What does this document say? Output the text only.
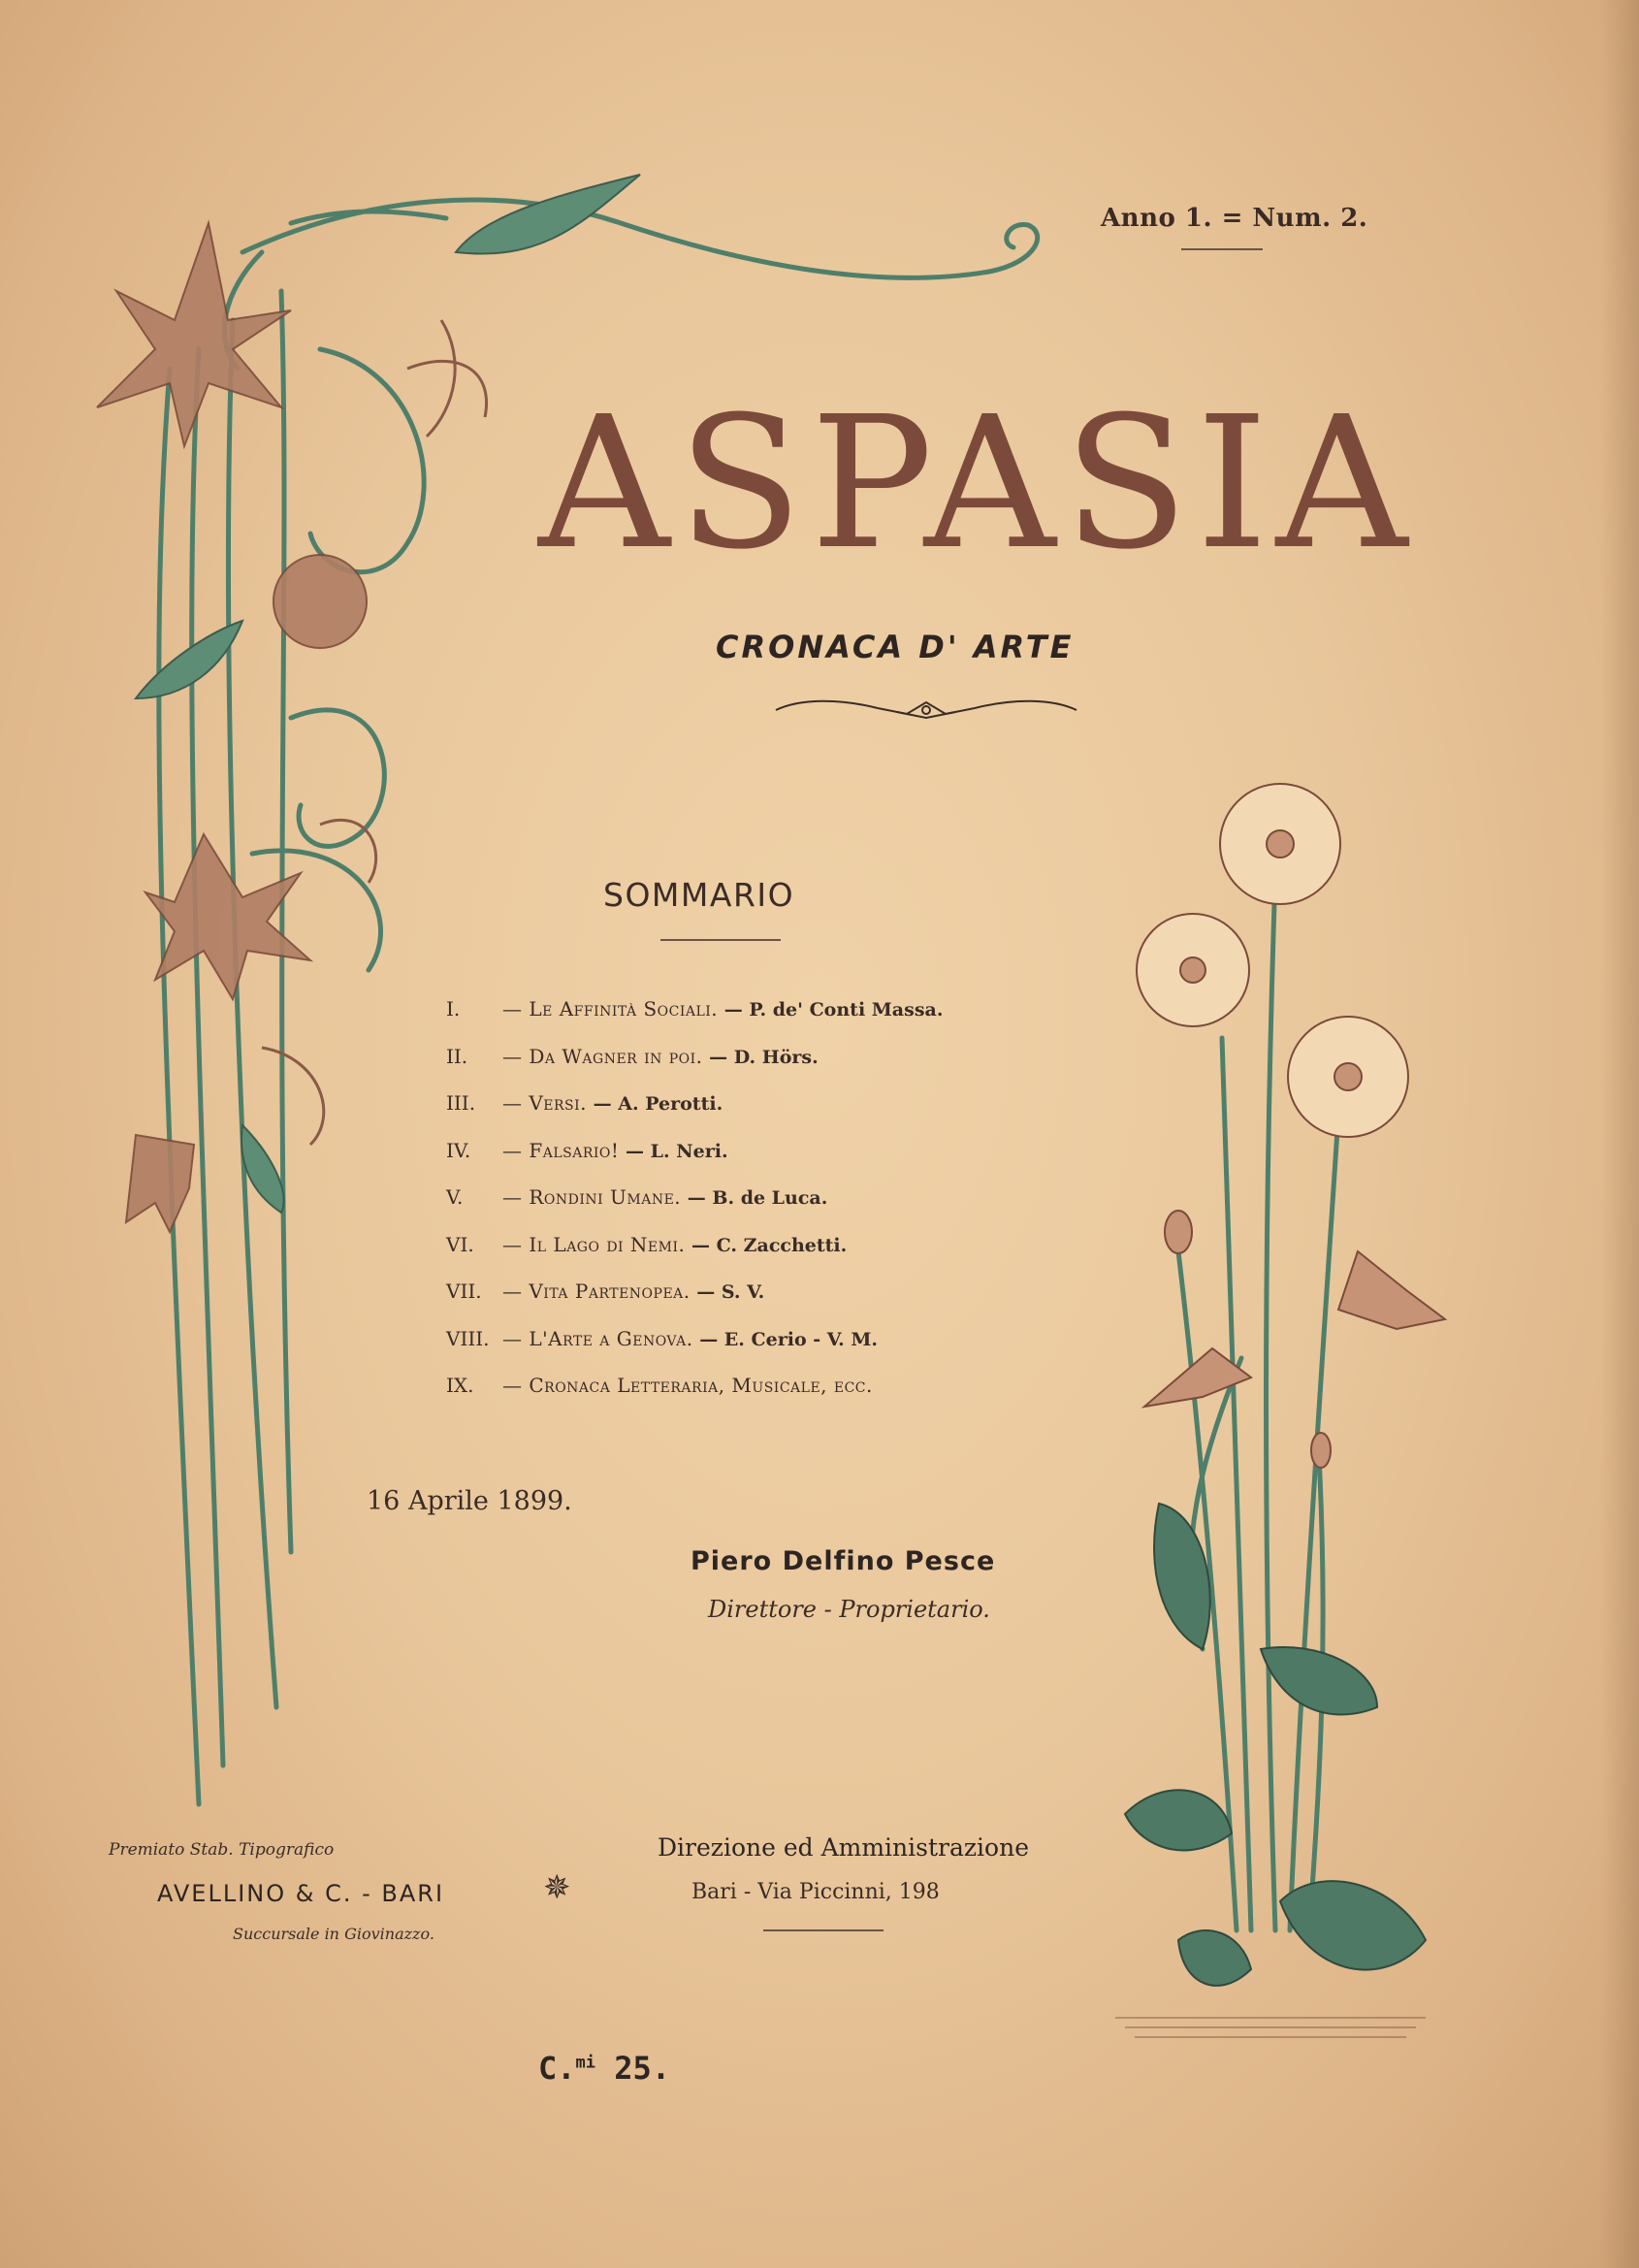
Anno 1. = Num. 2.
ASPASIA
CRONACA D' ARTE
SOMMARIO
I. — Le Affinità Sociali. — P. de' Conti Massa.
II. — Da Wagner in poi. — D. Hörs.
III. — Versi. — A. Perotti.
IV. — Falsario! — L. Neri.
V. — Rondini Umane. — B. de Luca.
VI. — Il Lago di Nemi. — C. Zacchetti.
VII. — Vita Partenopea. — S. V.
VIII. — L'Arte a Genova. — E. Cerio - V. M.
IX. — Cronaca Letteraria, Musicale, ecc.
16 Aprile 1899.
Piero Delfino Pesce
Direttore - Proprietario.
Premiato Stab. Tipografico
AVELLINO & C. - BARI
Succursale in Giovinazzo.
✵
Direzione ed Amministrazione
Bari - Via Piccinni, 198
C.$^{mi}$ 25.
